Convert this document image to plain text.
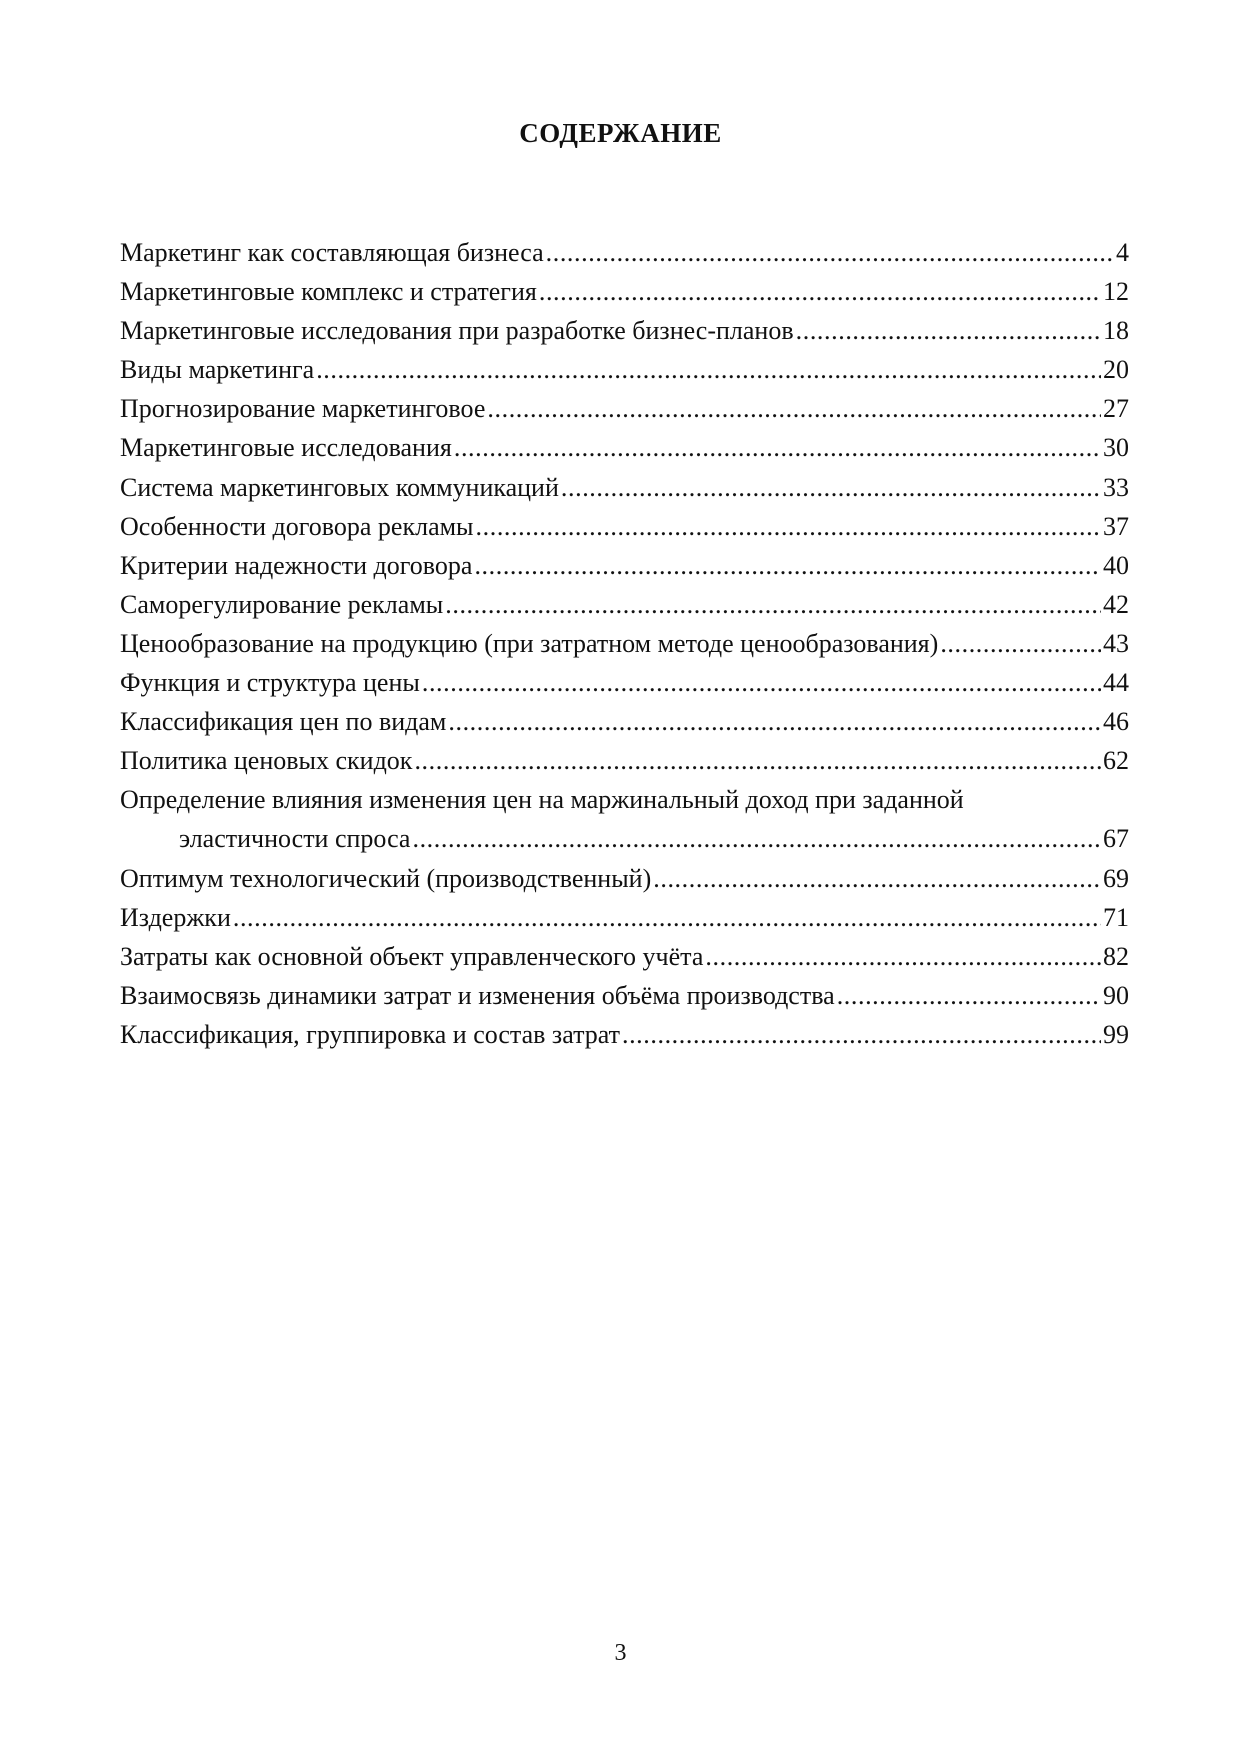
СОДЕРЖАНИЕ
Маркетинг как составляющая бизнеса .....	4
Маркетинговые комплекс и стратегия .....	12
Маркетинговые исследования при разработке бизнес-планов .....	18
Виды маркетинга .....	20
Прогнозирование маркетинговое .....	27
Маркетинговые исследования .....	30
Система маркетинговых коммуникаций .....	33
Особенности договора рекламы .....	37
Критерии надежности договора .....	40
Саморегулирование рекламы .....	42
Ценообразование на продукцию (при затратном методе ценообразования) .....	43
Функция и структура цены .....	44
Классификация цен по видам .....	46
Политика ценовых скидок .....	62
Определение влияния изменения цен на маржинальный доход при заданной
эластичности спроса .....	67
Оптимум технологический (производственный) .....	69
Издержки .....	71
Затраты как основной объект управленческого учёта .....	82
Взаимосвязь динамики затрат и изменения объёма производства .....	90
Классификация, группировка и состав затрат .....	99
3
